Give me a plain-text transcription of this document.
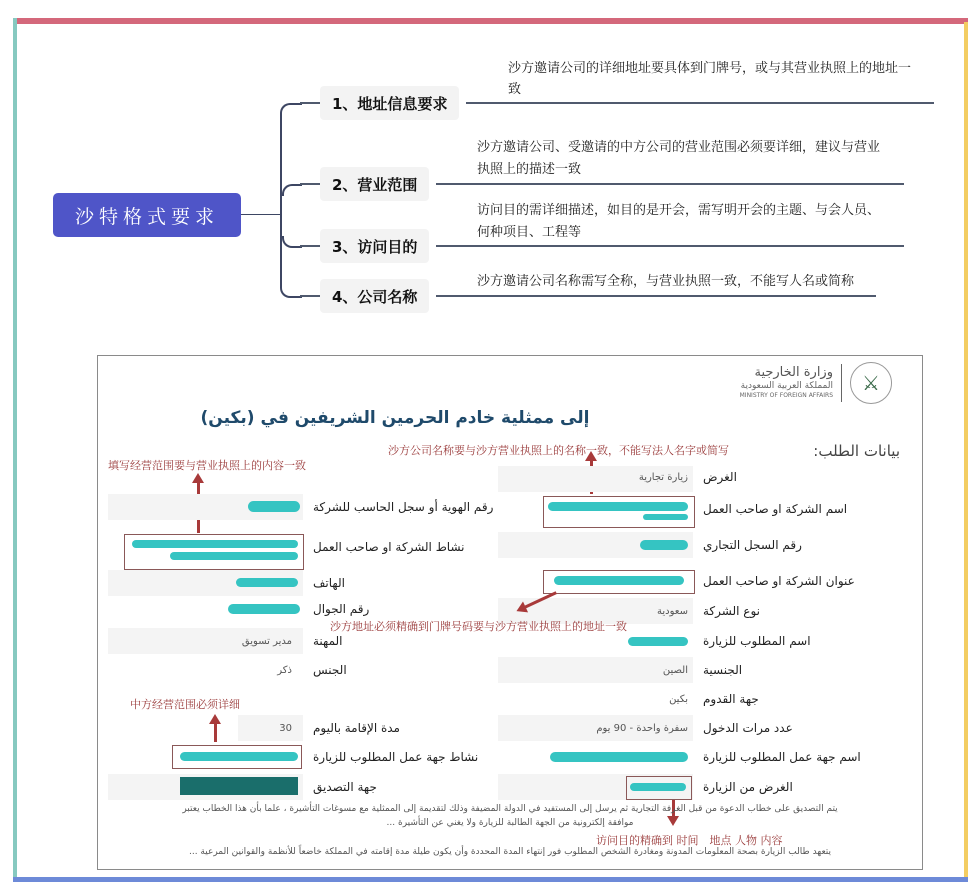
沙特格式要求
1、地址信息要求
沙方邀请公司的详细地址要具体到门牌号，或与其营业执照上的地址一
致
2、营业范围
沙方邀请公司、受邀请的中方公司的营业范围必须要详细，建议与营业
执照上的描述一致
3、访问目的
访问目的需详细描述，如目的是开会，需写明开会的主题、与会人员、
何种项目、工程等
4、公司名称
沙方邀请公司名称需写全称，与营业执照一致，不能写人名或简称
وزارة الخارجية
المملكة العربية السعودية
MINISTRY OF FOREIGN AFFAIRS
⚔
إلى ممثلية خادم الحرمين الشريفين في (بكين)
بيانات الطلب:
沙方公司名称要与沙方营业执照上的名称一致，不能写法人名字或简写
填写经营范围要与营业执照上的内容一致
الغرض
زيارة تجارية
اسم الشركة او صاحب العمل
رقم السجل التجاري
عنوان الشركة او صاحب العمل
نوع الشركة
سعودية
沙方地址必须精确到门牌号码要与沙方营业执照上的地址一致
اسم المطلوب للزيارة
الجنسية
الصين
جهة القدوم
بكين
عدد مرات الدخول
سفرة واحدة - 90 يوم
اسم جهة عمل المطلوب للزيارة
الغرض من الزيارة
رقم الهوية أو سجل الحاسب للشركة
نشاط الشركة او صاحب العمل
الهاتف
رقم الجوال
المهنة
مدير تسويق
الجنس
ذكر
中方经营范围必须详细
مدة الإقامة باليوم
30
نشاط جهة عمل المطلوب للزيارة
جهة التصديق
يتم التصديق على خطاب الدعوة من قبل الغرفة التجارية ثم يرسل إلى المستفيد في الدولة المضيفة وذلك لتقديمة إلى الممثلية مع مسوغات التأشيرة ، علما بأن هذا الخطاب يعتبر
موافقة إلكترونية من الجهة الطالبة للزيارة ولا يغني عن التأشيرة ...
访问目的精确到 时间　地点 人物 内容
يتعهد طالب الزيارة بصحة المعلومات المدونة ومغادرة الشخص المطلوب فور إنتهاء المدة المحددة وأن يكون طيلة مدة إقامته في المملكة خاضعاً للأنظمة والقوانين المرعية ...
